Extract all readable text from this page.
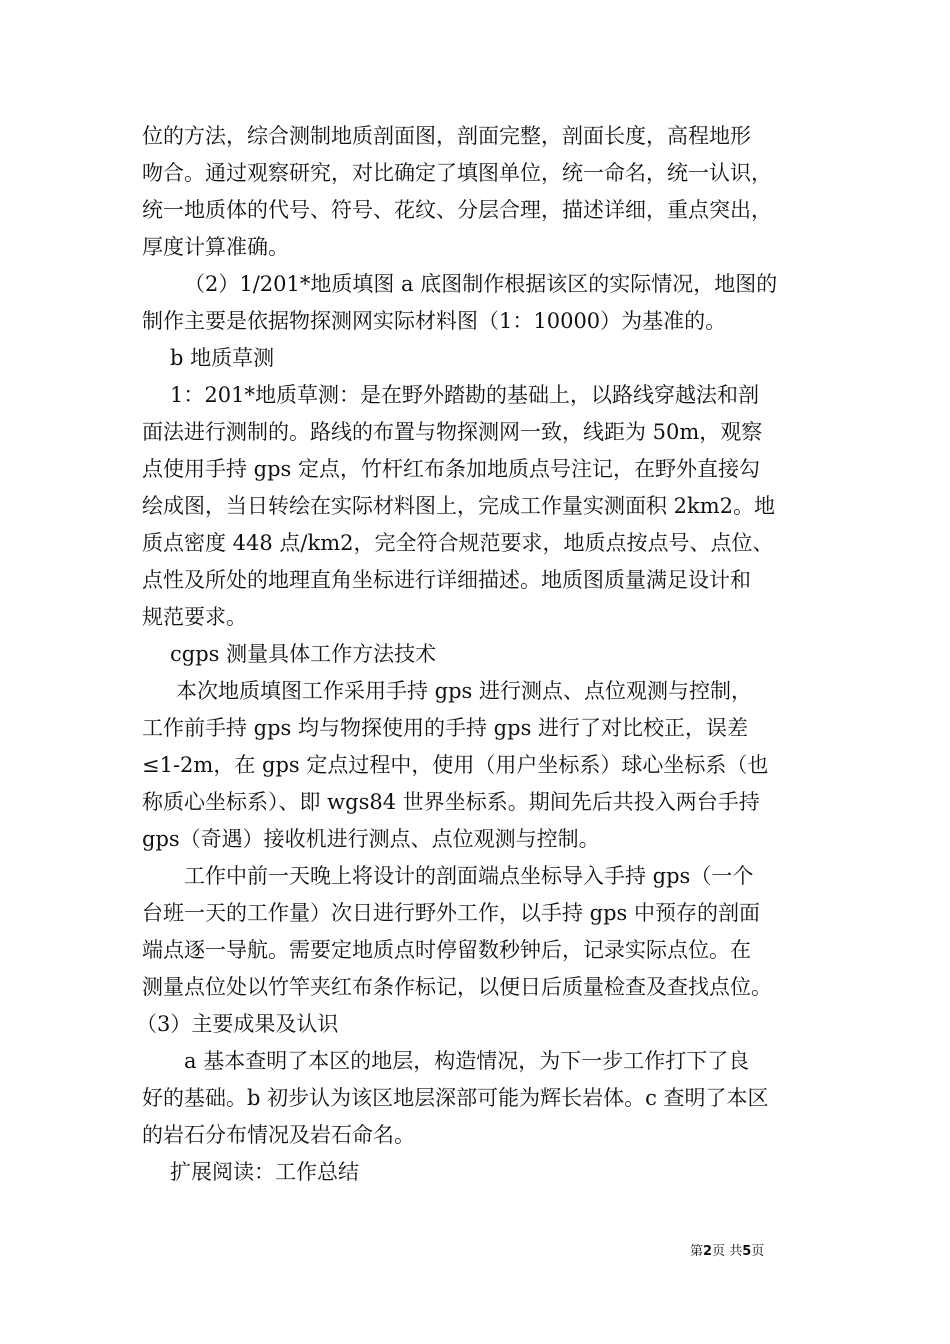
位的方法，综合测制地质剖面图，剖面完整，剖面长度，高程地形

吻合。通过观察研究，对比确定了填图单位，统一命名，统一认识，

统一地质体的代号、符号、花纹、分层合理，描述详细，重点突出，

厚度计算准确。

（2）1/201*地质填图 a 底图制作根据该区的实际情况，地图的

制作主要是依据物探测网实际材料图（1：10000）为基准的。

b 地质草测

1：201*地质草测：是在野外踏勘的基础上，以路线穿越法和剖

面法进行测制的。路线的布置与物探测网一致，线距为 50m，观察

点使用手持 gps 定点，竹杆红布条加地质点号注记，在野外直接勾

绘成图，当日转绘在实际材料图上，完成工作量实测面积 2km2。地

质点密度 448 点/km2，完全符合规范要求，地质点按点号、点位、

点性及所处的地理直角坐标进行详细描述。地质图质量满足设计和

规范要求。

cgps 测量具体工作方法技术

本次地质填图工作采用手持 gps 进行测点、点位观测与控制，

工作前手持 gps 均与物探使用的手持 gps 进行了对比校正，误差

≤1-2m，在 gps 定点过程中，使用（用户坐标系）球心坐标系（也

称质心坐标系）、即 wgs84 世界坐标系。期间先后共投入两台手持

gps（奇遇）接收机进行测点、点位观测与控制。

工作中前一天晚上将设计的剖面端点坐标导入手持 gps（一个

台班一天的工作量）次日进行野外工作，以手持 gps 中预存的剖面

端点逐一导航。需要定地质点时停留数秒钟后，记录实际点位。在

测量点位处以竹竿夹红布条作标记，以便日后质量检查及查找点位。

（3）主要成果及认识

a 基本查明了本区的地层，构造情况，为下一步工作打下了良

好的基础。b 初步认为该区地层深部可能为辉长岩体。c 查明了本区

的岩石分布情况及岩石命名。

扩展阅读：工作总结

第2页 共5页
